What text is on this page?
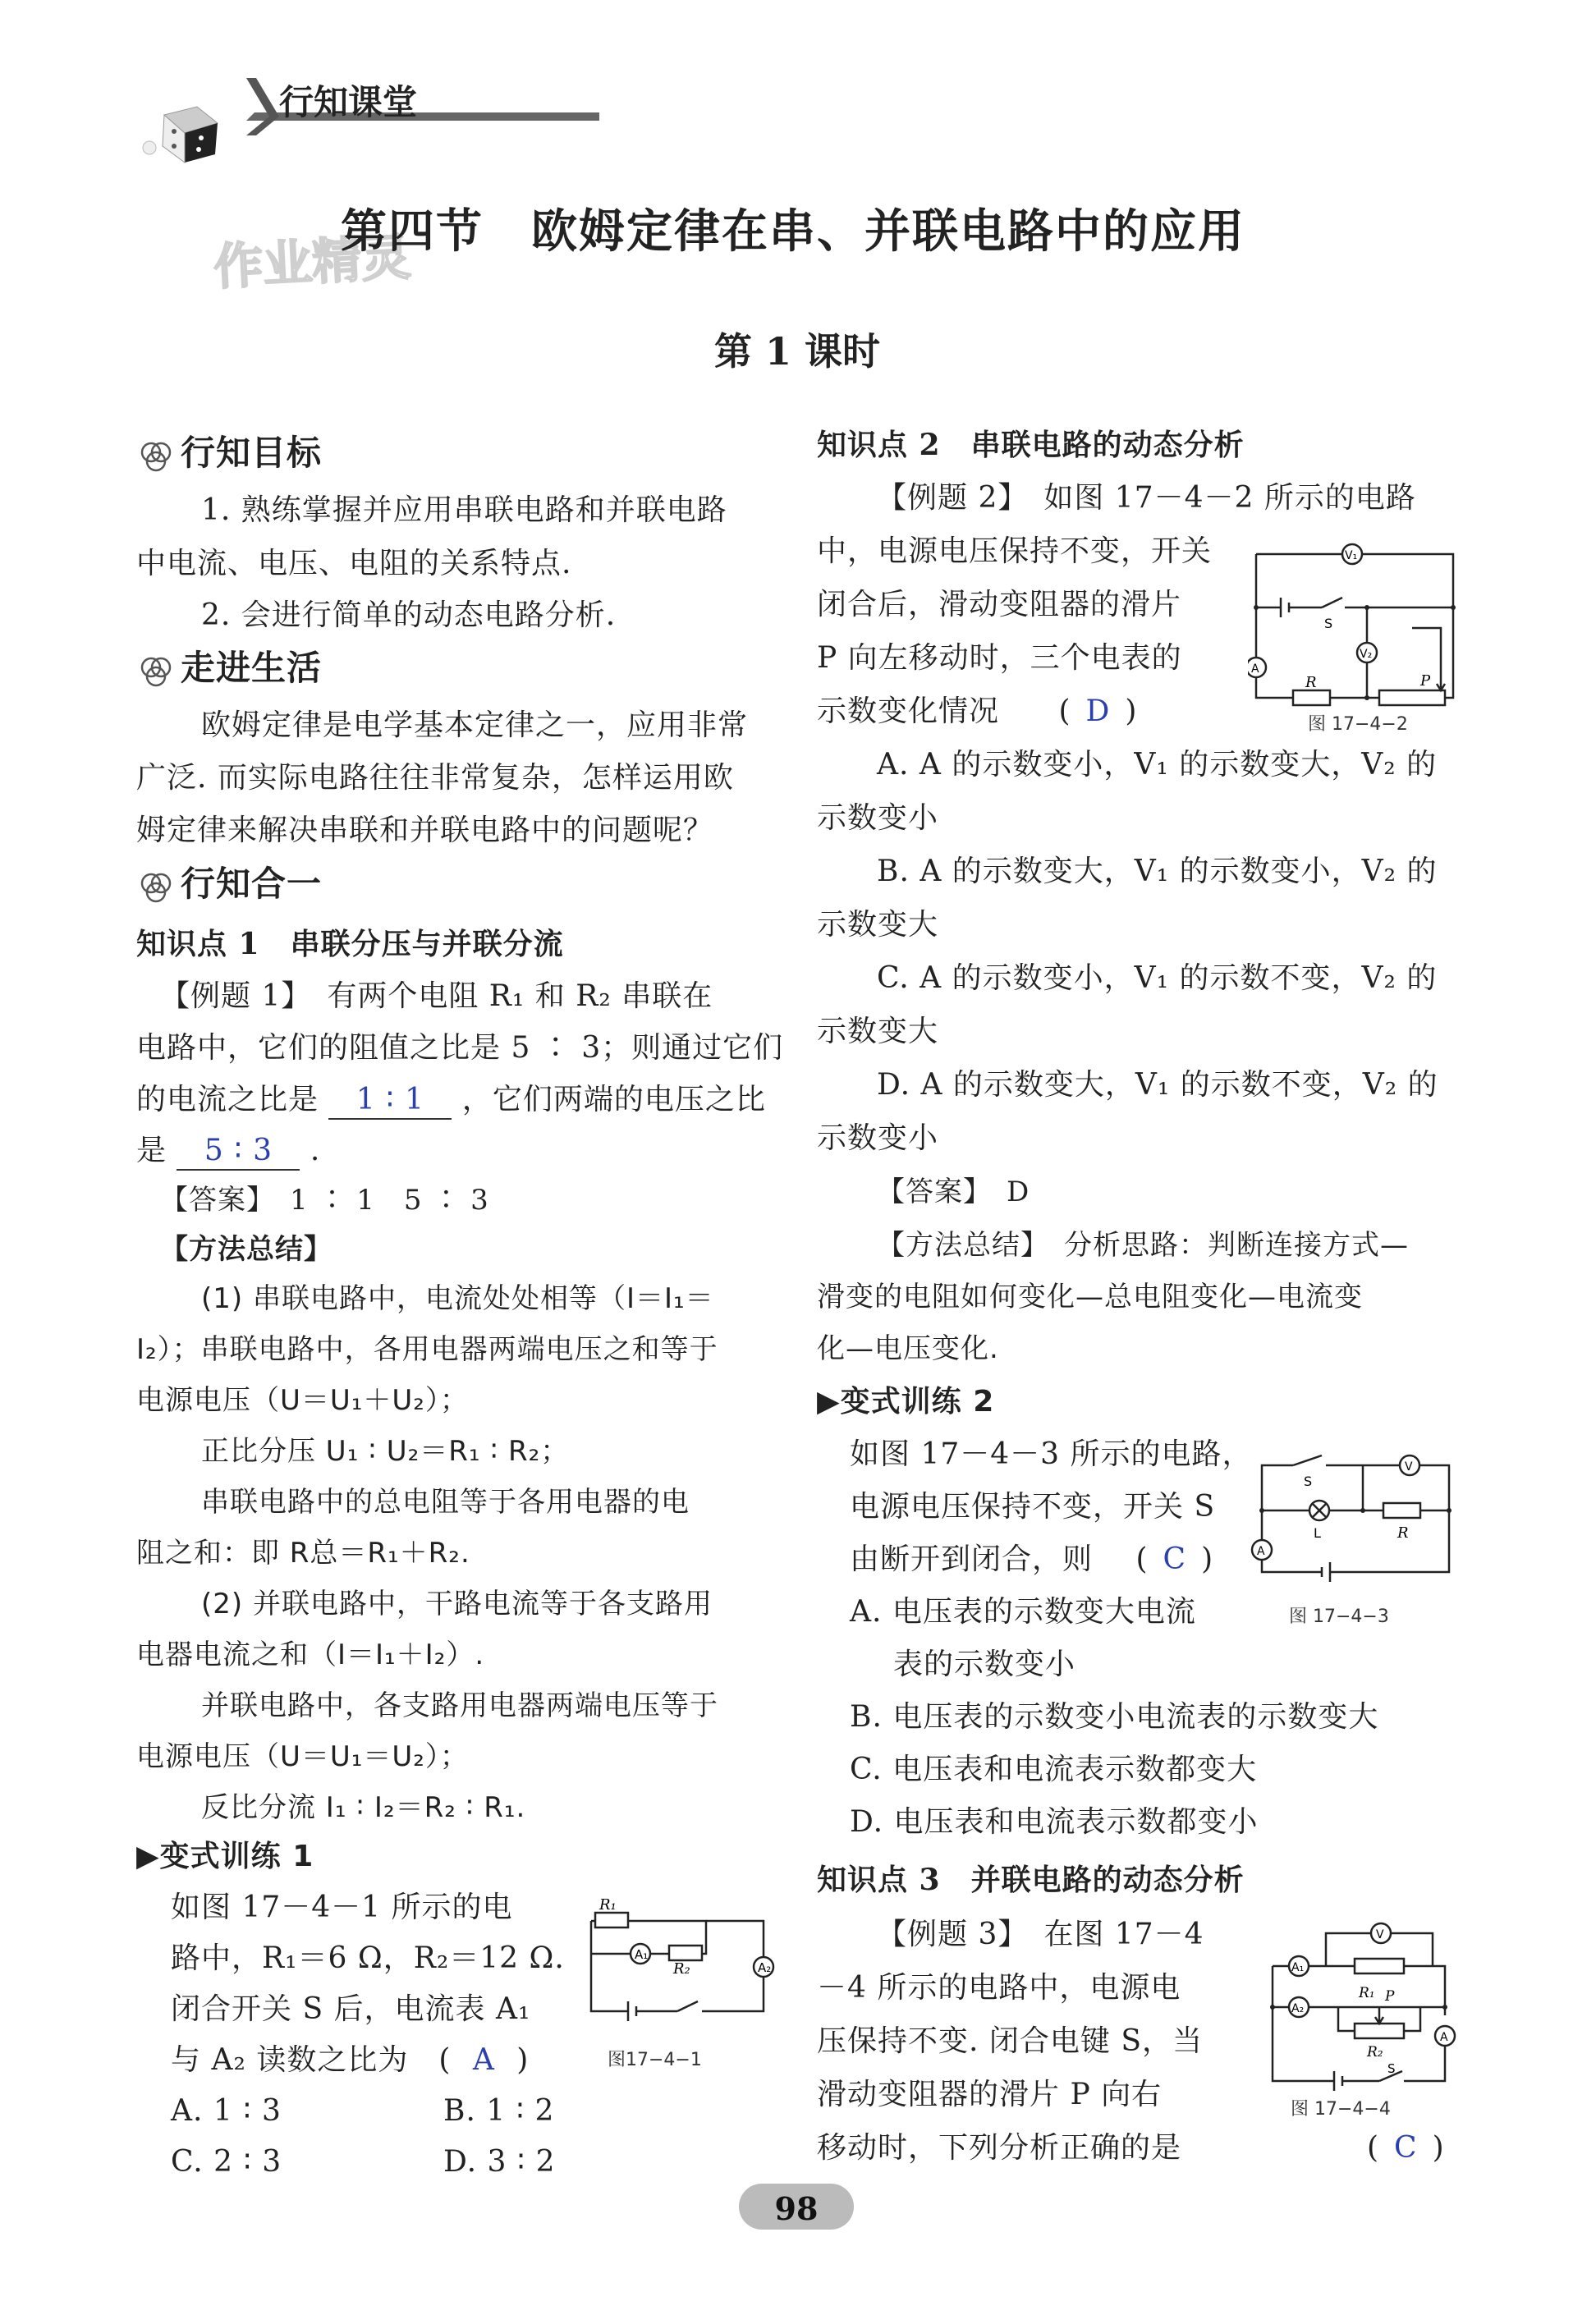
行知课堂
作业精灵
第四节　欧姆定律在串、并联电路中的应用
第 1 课时
行知目标
1. 熟练掌握并应用串联电路和并联电路
中电流、电压、电阻的关系特点.
2. 会进行简单的动态电路分析.
走进生活
欧姆定律是电学基本定律之一，应用非常
广泛. 而实际电路往往非常复杂，怎样运用欧
姆定律来解决串联和并联电路中的问题呢？
行知合一
知识点 1　串联分压与并联分流
【例题 1】　有两个电阻 R₁ 和 R₂ 串联在
电路中，它们的阻值之比是 5 ∶ 3；则通过它们
的电流之比是 1 ∶ 1 ，它们两端的电压之比
是 5 ∶ 3 .
【答案】　1 ∶ 1　5 ∶ 3
【方法总结】
(1) 串联电路中，电流处处相等（I＝I₁＝
I₂）；串联电路中，各用电器两端电压之和等于
电源电压（U＝U₁＋U₂）；
正比分压 U₁ ∶ U₂＝R₁ ∶ R₂；
串联电路中的总电阻等于各用电器的电
阻之和：即 R总＝R₁＋R₂.
(2) 并联电路中，干路电流等于各支路用
电器电流之和（I＝I₁＋I₂）.
并联电路中，各支路用电器两端电压等于
电源电压（U＝U₁＝U₂）；
反比分流 I₁ ∶ I₂＝R₂ ∶ R₁.
▶变式训练 1
如图 17－4－1 所示的电
路中，R₁＝6 Ω，R₂＝12 Ω.
闭合开关 S 后，电流表 A₁
与 A₂ 读数之比为　( A )
A. 1 ∶ 3	B. 1 ∶ 2
C. 2 ∶ 3	D. 3 ∶ 2
R₁
R₂
A₁
A₂
图17−4−1
知识点 2　串联电路的动态分析
【例题 2】　如图 17－4－2 所示的电路
中，电源电压保持不变，开关
闭合后，滑动变阻器的滑片
P 向左移动时，三个电表的
示数变化情况 ( D )
V₁
V₂
A
R	P
S
图 17−4−2
A. A 的示数变小，V₁ 的示数变大，V₂ 的
示数变小
B. A 的示数变大，V₁ 的示数变小，V₂ 的
示数变大
C. A 的示数变小，V₁ 的示数不变，V₂ 的
示数变大
D. A 的示数变大，V₁ 的示数不变，V₂ 的
示数变小
【答案】　D
【方法总结】　分析思路：判断连接方式—
滑变的电阻如何变化—总电阻变化—电流变
化—电压变化.
▶变式训练 2
如图 17－4－3 所示的电路，
电源电压保持不变，开关 S
由断开到闭合，则 ( C )
A. 电压表的示数变大电流
表的示数变小
B. 电压表的示数变小电流表的示数变大
C. 电压表和电流表示数都变大
D. 电压表和电流表示数都变小
S
V
L	R
A
图 17−4−3
知识点 3　并联电路的动态分析
【例题 3】　在图 17－4
－4 所示的电路中，电源电
压保持不变. 闭合电键 S，当
滑动变阻器的滑片 P 向右
移动时，下列分析正确的是	( C )
V
A₁
A₂
A
R₁ P
R₂
S
图 17−4−4
98
